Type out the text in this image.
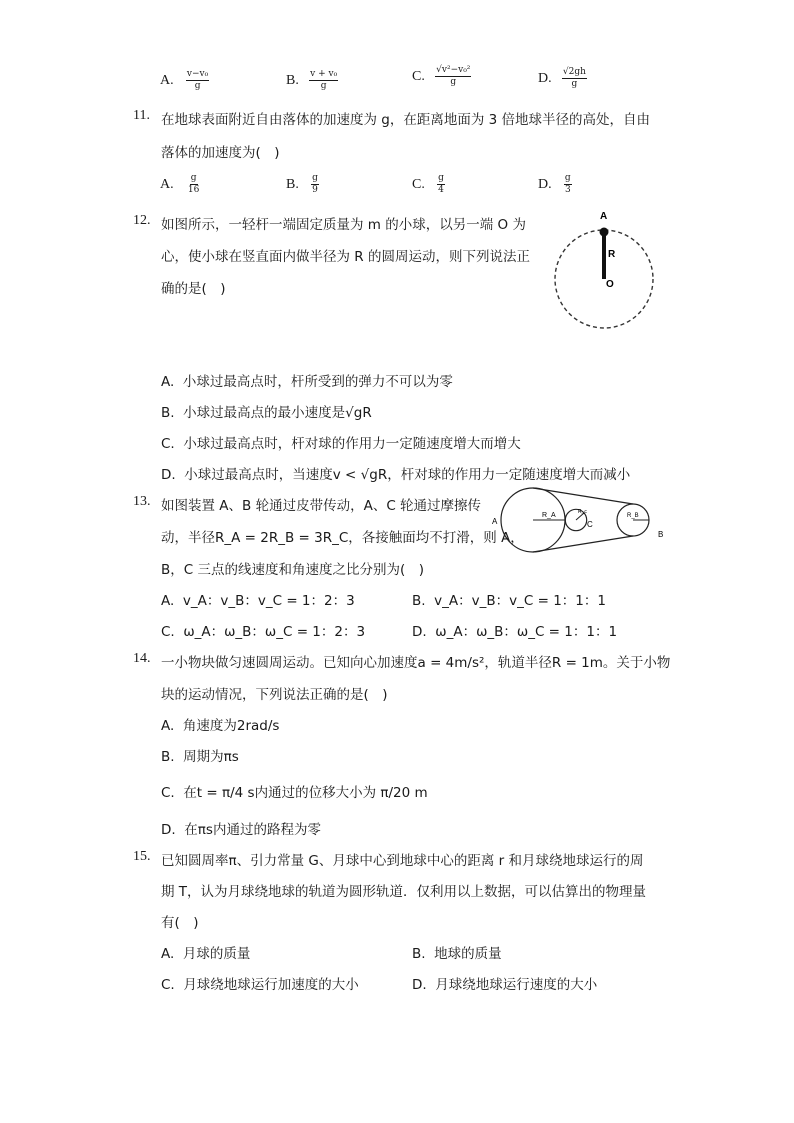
A. $\frac{\text{v−v₀}}{g}$	B. $\frac{\text{v + v₀}}{g}$	C. $\frac{\text{√v²−v₀²}}{g}$	D. $\frac{√2gh}{g}$
11. 在地球表面附近自由落体的加速度为 g，在距离地面为 3 倍地球半径的高处，自由
落体的加速度为(　)
A. $\frac{g}{16}$	B. $\frac{g}{9}$	C. $\frac{g}{4}$	D. $\frac{g}{3}$
12. 如图所示，一轻杆一端固定质量为 m 的小球，以另一端 O 为
心，使小球在竖直面内做半径为 R 的圆周运动，则下列说法正
确的是(　)
A
R
O
A. 小球过最高点时，杆所受到的弹力不可以为零
B. 小球过最高点的最小速度是√gR
C. 小球过最高点时，杆对球的作用力一定随速度增大而增大
D. 小球过最高点时，当速度v < √gR，杆对球的作用力一定随速度增大而减小
13. 如图装置 A、B 轮通过皮带传动，A、C 轮通过摩擦传
动，半径R_A = 2R_B = 3R_C，各接触面均不打滑，则 A，
B，C 三点的线速度和角速度之比分别为(　)
A
B
C
R_A	R_B
R_c
A. v_A：v_B：v_C = 1：2：3	B. v_A：v_B：v_C = 1：1：1
C. ω_A：ω_B：ω_C = 1：2：3	D. ω_A：ω_B：ω_C = 1：1：1
14. 一小物块做匀速圆周运动。已知向心加速度a = 4m/s²，轨道半径R = 1m。关于小物
块的运动情况，下列说法正确的是(　)
A. 角速度为2rad/s
B. 周期为πs
C. 在t = π/4 s内通过的位移大小为 π/20 m
D. 在πs内通过的路程为零
15. 已知圆周率π、引力常量 G、月球中心到地球中心的距离 r 和月球绕地球运行的周
期 T，认为月球绕地球的轨道为圆形轨道．仅利用以上数据，可以估算出的物理量
有(　)
A. 月球的质量	B. 地球的质量
C. 月球绕地球运行加速度的大小	D. 月球绕地球运行速度的大小
